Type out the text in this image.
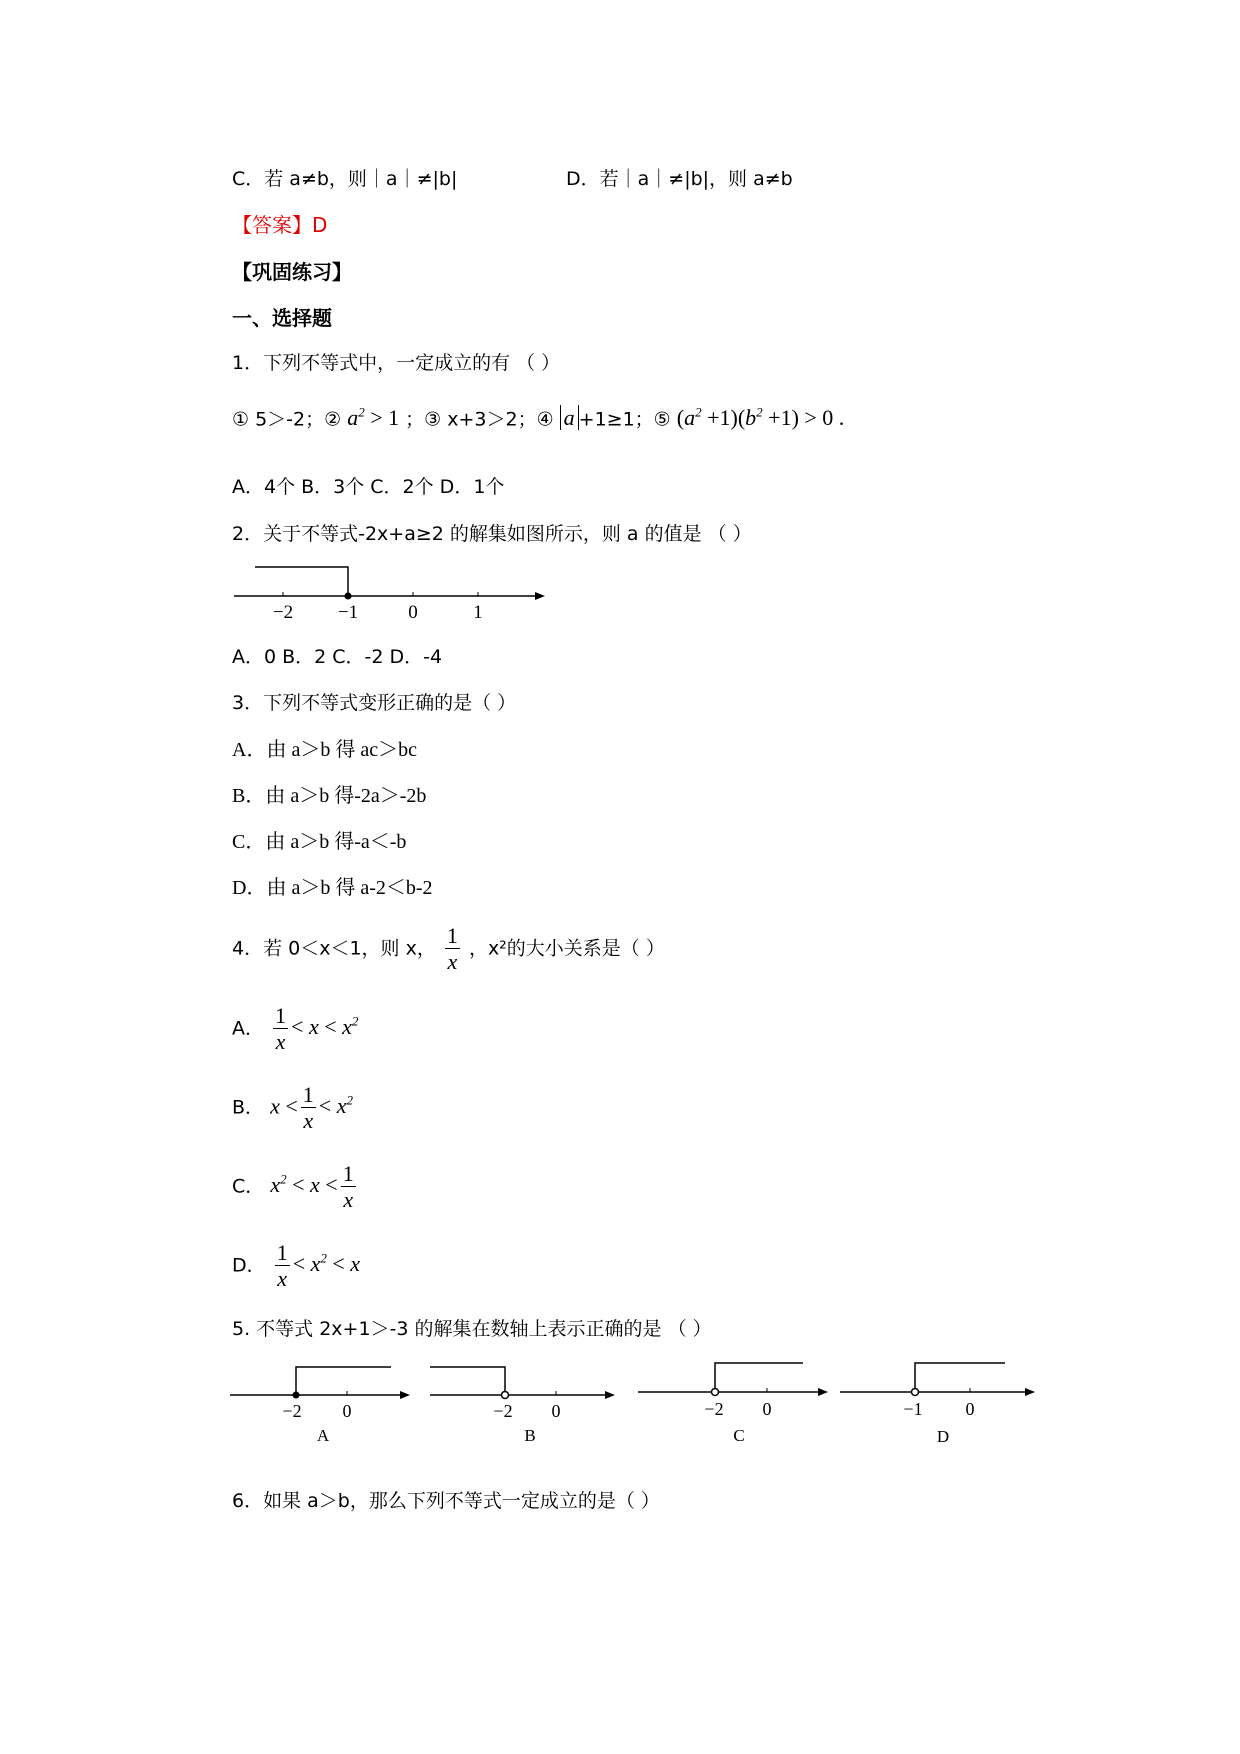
C．若 a≠b，则｜a｜≠|b|	D．若｜a｜≠|b|，则 a≠b
【答案】D
【巩固练习】
一、选择题
1．下列不等式中，一定成立的有 （ ）
① 5＞-2；② $a^2 > 1$ ；③ x+3＞2；④ a +1≥1；⑤ $(a^2 +1)(b^2 +1) > 0$ .
A．4个 B．3个 C．2个 D．1个
2．关于不等式-2x+a≥2 的解集如图所示，则 a 的值是 （ ）
−2 −1	0	1
A．0 B．2 C．-2 D．-4
3．下列不等式变形正确的是（ ）
A．由 a＞b 得 ac＞bc
B．由 a＞b 得-2a＞-2b
C．由 a＞b 得-a＜-b
D．由 a＞b 得 a-2＜b-2
4．若 0＜x＜1，则 x， $\frac{1}{x}$ ，x²的大小关系是（ ）
A． $\frac{1}{x} < x < x^2$
B． $x < \frac{1}{x} < x^2$
C． $x^2 < x < \frac{1}{x}$
D． $\frac{1}{x} < x^2 < x$
5. 不等式 2x+1＞-3 的解集在数轴上表示正确的是 （ ）
−2 0
A
−2 0
B
−2 0
C
−1 0
D
6．如果 a＞b，那么下列不等式一定成立的是（ ）
